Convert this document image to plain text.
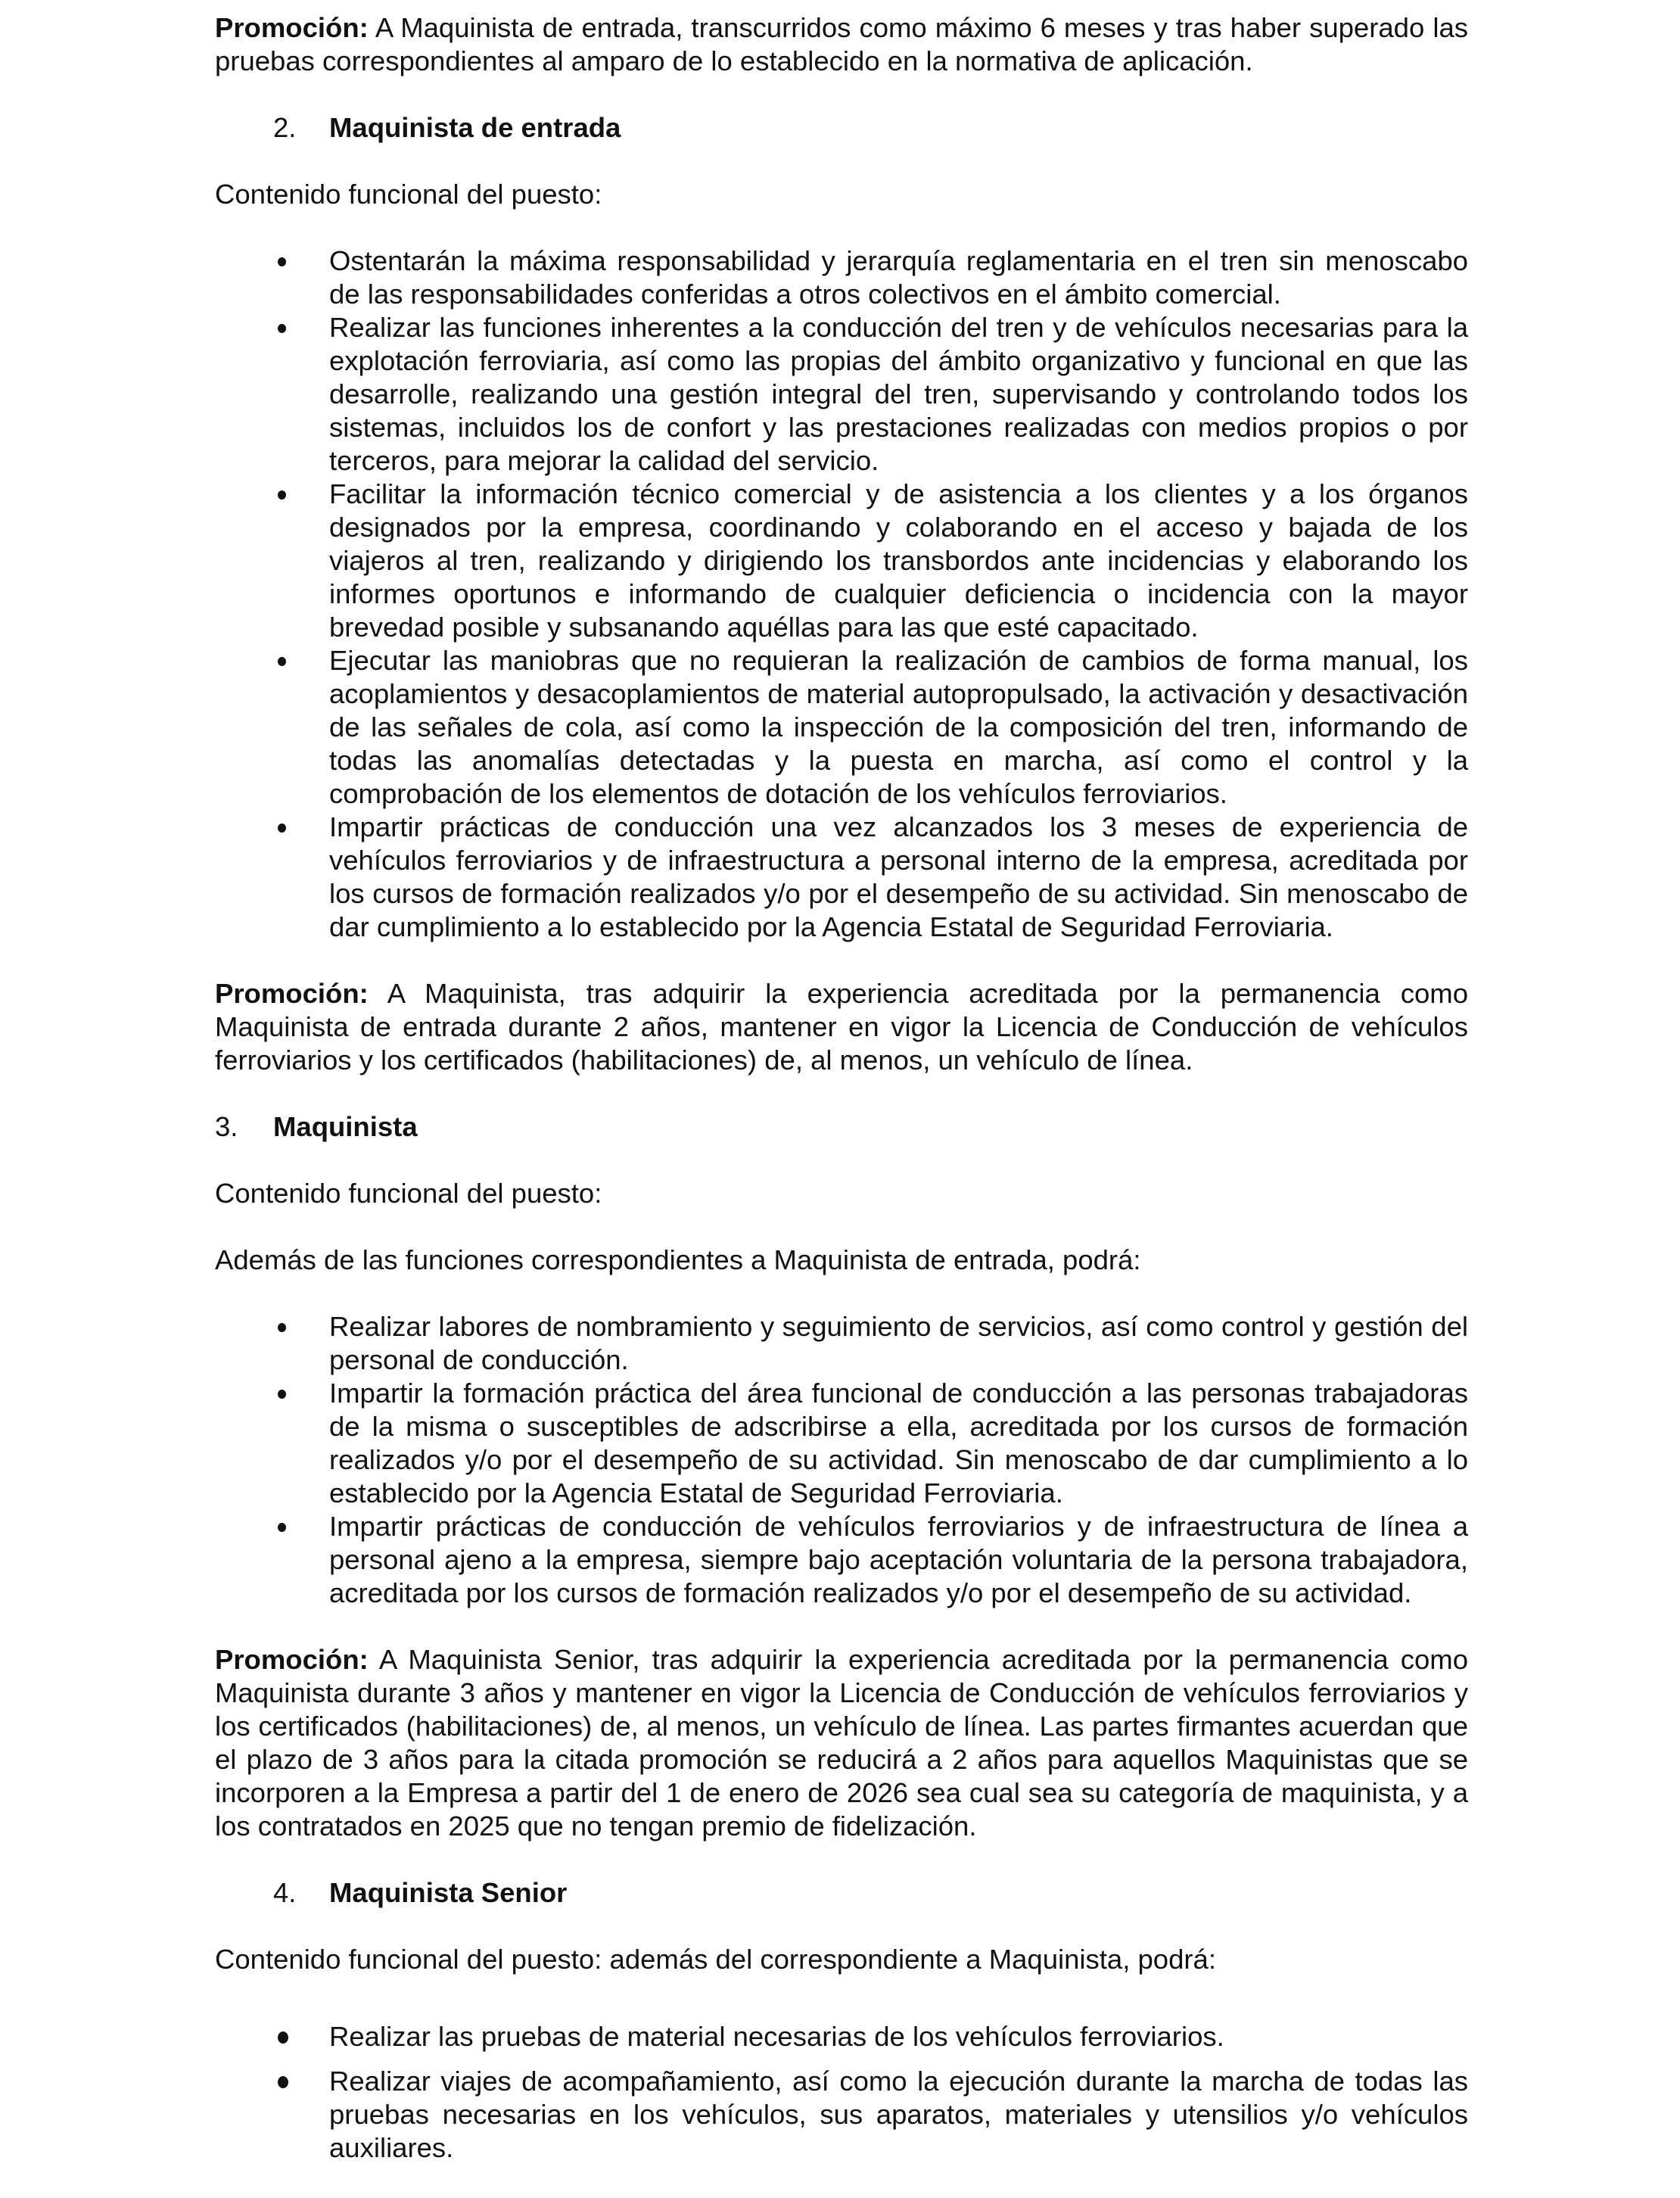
Promoción: A Maquinista de entrada, transcurridos como máximo 6 meses y tras haber superado las pruebas correspondientes al amparo de lo establecido en la normativa de aplicación.

2.	Maquinista de entrada

Contenido funcional del puesto:

Ostentarán la máxima responsabilidad y jerarquía reglamentaria en el tren sin menoscabo de las responsabilidades conferidas a otros colectivos en el ámbito comercial.
Realizar las funciones inherentes a la conducción del tren y de vehículos necesarias para la explotación ferroviaria, así como las propias del ámbito organizativo y funcional en que las desarrolle, realizando una gestión integral del tren, supervisando y controlando todos los sistemas, incluidos los de confort y las prestaciones realizadas con medios propios o por terceros, para mejorar la calidad del servicio.
Facilitar la información técnico comercial y de asistencia a los clientes y a los órganos designados por la empresa, coordinando y colaborando en el acceso y bajada de los viajeros al tren, realizando y dirigiendo los transbordos ante incidencias y elaborando los informes oportunos e informando de cualquier deficiencia o incidencia con la mayor brevedad posible y subsanando aquéllas para las que esté capacitado.
Ejecutar las maniobras que no requieran la realización de cambios de forma manual, los acoplamientos y desacoplamientos de material autopropulsado, la activación y desactivación de las señales de cola, así como la inspección de la composición del tren, informando de todas las anomalías detectadas y la puesta en marcha, así como el control y la comprobación de los elementos de dotación de los vehículos ferroviarios.
Impartir prácticas de conducción una vez alcanzados los 3 meses de experiencia de vehículos ferroviarios y de infraestructura a personal interno de la empresa, acreditada por los cursos de formación realizados y/o por el desempeño de su actividad. Sin menoscabo de dar cumplimiento a lo establecido por la Agencia Estatal de Seguridad Ferroviaria.

Promoción: A Maquinista, tras adquirir la experiencia acreditada por la permanencia como Maquinista de entrada durante 2 años, mantener en vigor la Licencia de Conducción de vehículos ferroviarios y los certificados (habilitaciones) de, al menos, un vehículo de línea.

3.	Maquinista

Contenido funcional del puesto:

Además de las funciones correspondientes a Maquinista de entrada, podrá:

Realizar labores de nombramiento y seguimiento de servicios, así como control y gestión del personal de conducción.
Impartir la formación práctica del área funcional de conducción a las personas trabajadoras de la misma o susceptibles de adscribirse a ella, acreditada por los cursos de formación realizados y/o por el desempeño de su actividad. Sin menoscabo de dar cumplimiento a lo establecido por la Agencia Estatal de Seguridad Ferroviaria.
Impartir prácticas de conducción de vehículos ferroviarios y de infraestructura de línea a personal ajeno a la empresa, siempre bajo aceptación voluntaria de la persona trabajadora, acreditada por los cursos de formación realizados y/o por el desempeño de su actividad.

Promoción: A Maquinista Senior, tras adquirir la experiencia acreditada por la permanencia como Maquinista durante 3 años y mantener en vigor la Licencia de Conducción de vehículos ferroviarios y los certificados (habilitaciones) de, al menos, un vehículo de línea. Las partes firmantes acuerdan que el plazo de 3 años para la citada promoción se reducirá a 2 años para aquellos Maquinistas que se incorporen a la Empresa a partir del 1 de enero de 2026 sea cual sea su categoría de maquinista, y a los contratados en 2025 que no tengan premio de fidelización.

4.	Maquinista Senior

Contenido funcional del puesto: además del correspondiente a Maquinista, podrá:

Realizar las pruebas de material necesarias de los vehículos ferroviarios.
Realizar viajes de acompañamiento, así como la ejecución durante la marcha de todas las pruebas necesarias en los vehículos, sus aparatos, materiales y utensilios y/o vehículos auxiliares.
